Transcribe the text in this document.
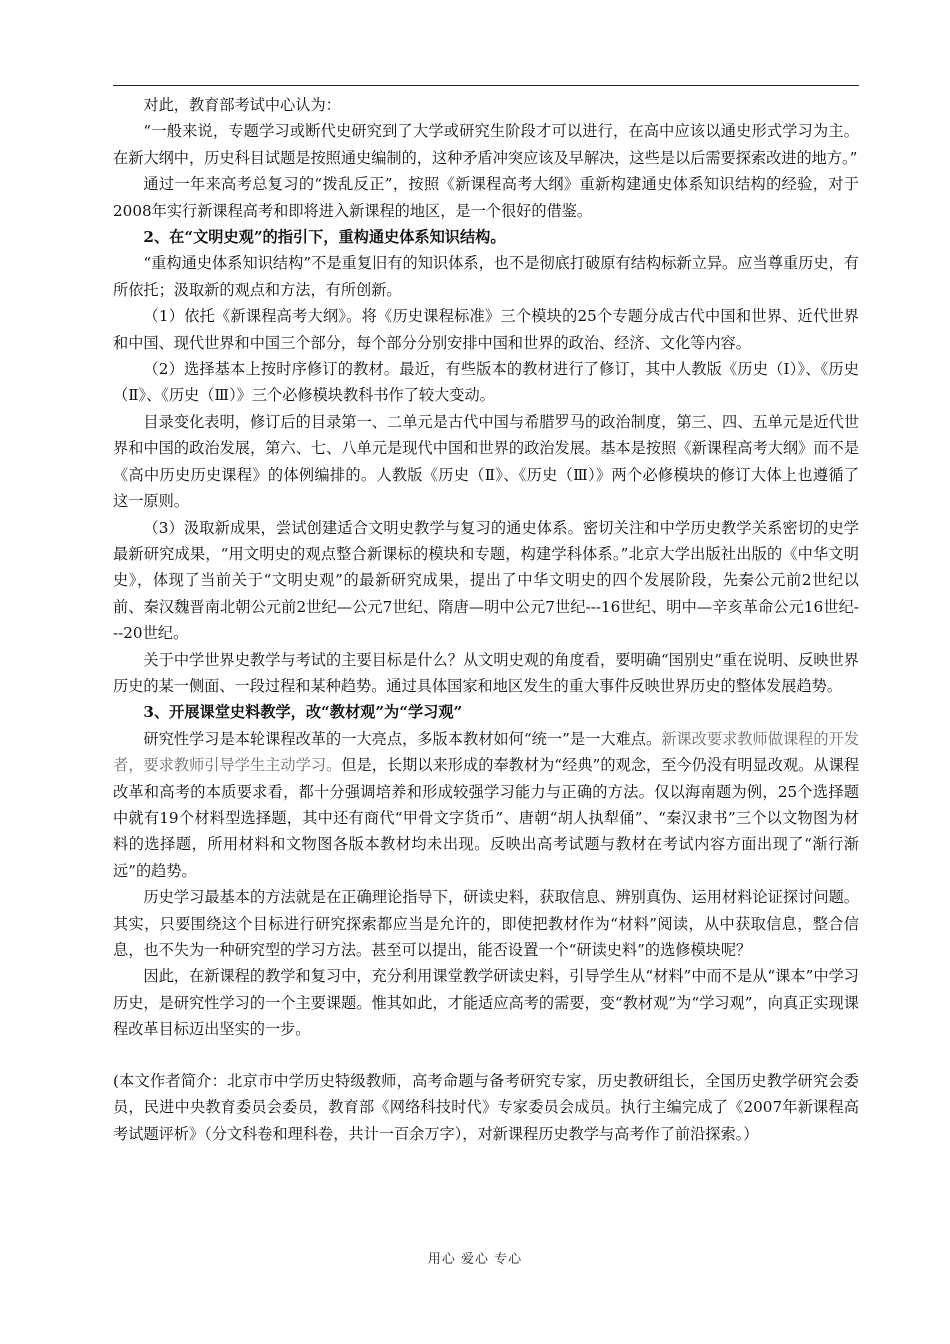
对此，教育部考试中心认为：

“一般来说，专题学习或断代史研究到了大学或研究生阶段才可以进行，在高中应该以通史形式学习为主。在新大纲中，历史科目试题是按照通史编制的，这种矛盾冲突应该及早解决，这些是以后需要探索改进的地方。”

通过一年来高考总复习的“拨乱反正”，按照《新课程高考大纲》重新构建通史体系知识结构的经验，对于2008年实行新课程高考和即将进入新课程的地区，是一个很好的借鉴。

2、在“文明史观”的指引下，重构通史体系知识结构。

“重构通史体系知识结构”不是重复旧有的知识体系，也不是彻底打破原有结构标新立异。应当尊重历史，有所依托；汲取新的观点和方法，有所创新。

（1）依托《新课程高考大纲》。将《历史课程标准》三个模块的25个专题分成古代中国和世界、近代世界和中国、现代世界和中国三个部分，每个部分分别安排中国和世界的政治、经济、文化等内容。

（2）选择基本上按时序修订的教材。最近，有些版本的教材进行了修订，其中人教版《历史（Ⅰ）》、《历史（Ⅱ》、《历史（Ⅲ）》三个必修模块教科书作了较大变动。

目录变化表明，修订后的目录第一、二单元是古代中国与希腊罗马的政治制度，第三、四、五单元是近代世界和中国的政治发展，第六、七、八单元是现代中国和世界的政治发展。基本是按照《新课程高考大纲》而不是《高中历史历史课程》的体例编排的。人教版《历史（Ⅱ》、《历史（Ⅲ）》两个必修模块的修订大体上也遵循了这一原则。

（3）汲取新成果，尝试创建适合文明史教学与复习的通史体系。密切关注和中学历史教学关系密切的史学最新研究成果，“用文明史的观点整合新课标的模块和专题，构建学科体系。”北京大学出版社出版的《中华文明史》，体现了当前关于“文明史观”的最新研究成果，提出了中华文明史的四个发展阶段，先秦公元前2世纪以前、秦汉魏晋南北朝公元前2世纪—公元7世纪、隋唐—明中公元7世纪---16世纪、明中—辛亥革命公元16世纪---20世纪。

关于中学世界史教学与考试的主要目标是什么？从文明史观的角度看，要明确“国别史”重在说明、反映世界历史的某一侧面、一段过程和某种趋势。通过具体国家和地区发生的重大事件反映世界历史的整体发展趋势。

3、开展课堂史料教学，改“教材观”为“学习观”

研究性学习是本轮课程改革的一大亮点，多版本教材如何“统一”是一大难点。新课改要求教师做课程的开发者，要求教师引导学生主动学习。但是，长期以来形成的奉教材为“经典”的观念，至今仍没有明显改观。从课程改革和高考的本质要求看，都十分强调培养和形成较强学习能力与正确的方法。仅以海南题为例，25个选择题中就有19个材料型选择题，其中还有商代“甲骨文字货币”、唐朝“胡人执犁俑”、“秦汉隶书”三个以文物图为材料的选择题，所用材料和文物图各版本教材均未出现。反映出高考试题与教材在考试内容方面出现了“渐行渐远”的趋势。

历史学习最基本的方法就是在正确理论指导下，研读史料，获取信息、辨别真伪、运用材料论证探讨问题。其实，只要围绕这个目标进行研究探索都应当是允许的，即使把教材作为“材料”阅读，从中获取信息，整合信息，也不失为一种研究型的学习方法。甚至可以提出，能否设置一个“研读史料”的选修模块呢？

因此，在新课程的教学和复习中，充分利用课堂教学研读史料，引导学生从“材料”中而不是从“课本”中学习历史，是研究性学习的一个主要课题。惟其如此，才能适应高考的需要，变“教材观”为“学习观”，向真正实现课程改革目标迈出坚实的一步。

(本文作者简介：北京市中学历史特级教师，高考命题与备考研究专家，历史教研组长，全国历史教学研究会委员，民进中央教育委员会委员，教育部《网络科技时代》专家委员会成员。执行主编完成了《2007年新课程高考试题评析》（分文科卷和理科卷，共计一百余万字），对新课程历史教学与高考作了前沿探索。）
用心 爱心 专心
